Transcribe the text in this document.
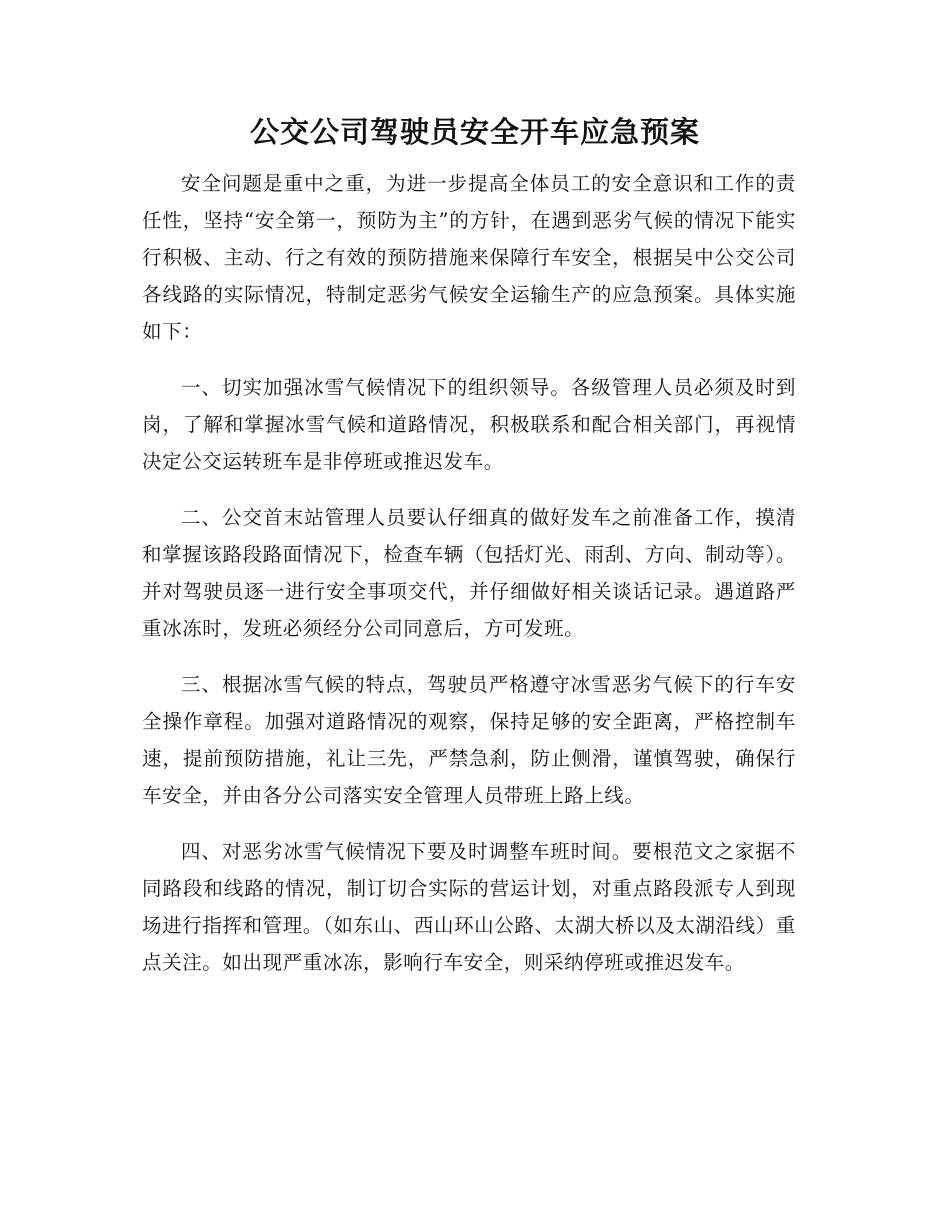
公交公司驾驶员安全开车应急预案

安全问题是重中之重，为进一步提高全体员工的安全意识和工作的责任性，坚持“安全第一，预防为主”的方针，在遇到恶劣气候的情况下能实行积极、主动、行之有效的预防措施来保障行车安全，根据吴中公交公司各线路的实际情况，特制定恶劣气候安全运输生产的应急预案。具体实施如下：

一、切实加强冰雪气候情况下的组织领导。各级管理人员必须及时到岗，了解和掌握冰雪气候和道路情况，积极联系和配合相关部门，再视情决定公交运转班车是非停班或推迟发车。

二、公交首末站管理人员要认仔细真的做好发车之前准备工作，摸清和掌握该路段路面情况下，检查车辆（包括灯光、雨刮、方向、制动等）。并对驾驶员逐一进行安全事项交代，并仔细做好相关谈话记录。遇道路严重冰冻时，发班必须经分公司同意后，方可发班。

三、根据冰雪气候的特点，驾驶员严格遵守冰雪恶劣气候下的行车安全操作章程。加强对道路情况的观察，保持足够的安全距离，严格控制车速，提前预防措施，礼让三先，严禁急刹，防止侧滑，谨慎驾驶，确保行车安全，并由各分公司落实安全管理人员带班上路上线。

四、对恶劣冰雪气候情况下要及时调整车班时间。要根范文之家据不同路段和线路的情况，制订切合实际的营运计划，对重点路段派专人到现场进行指挥和管理。（如东山、西山环山公路、太湖大桥以及太湖沿线）重点关注。如出现严重冰冻，影响行车安全，则采纳停班或推迟发车。
